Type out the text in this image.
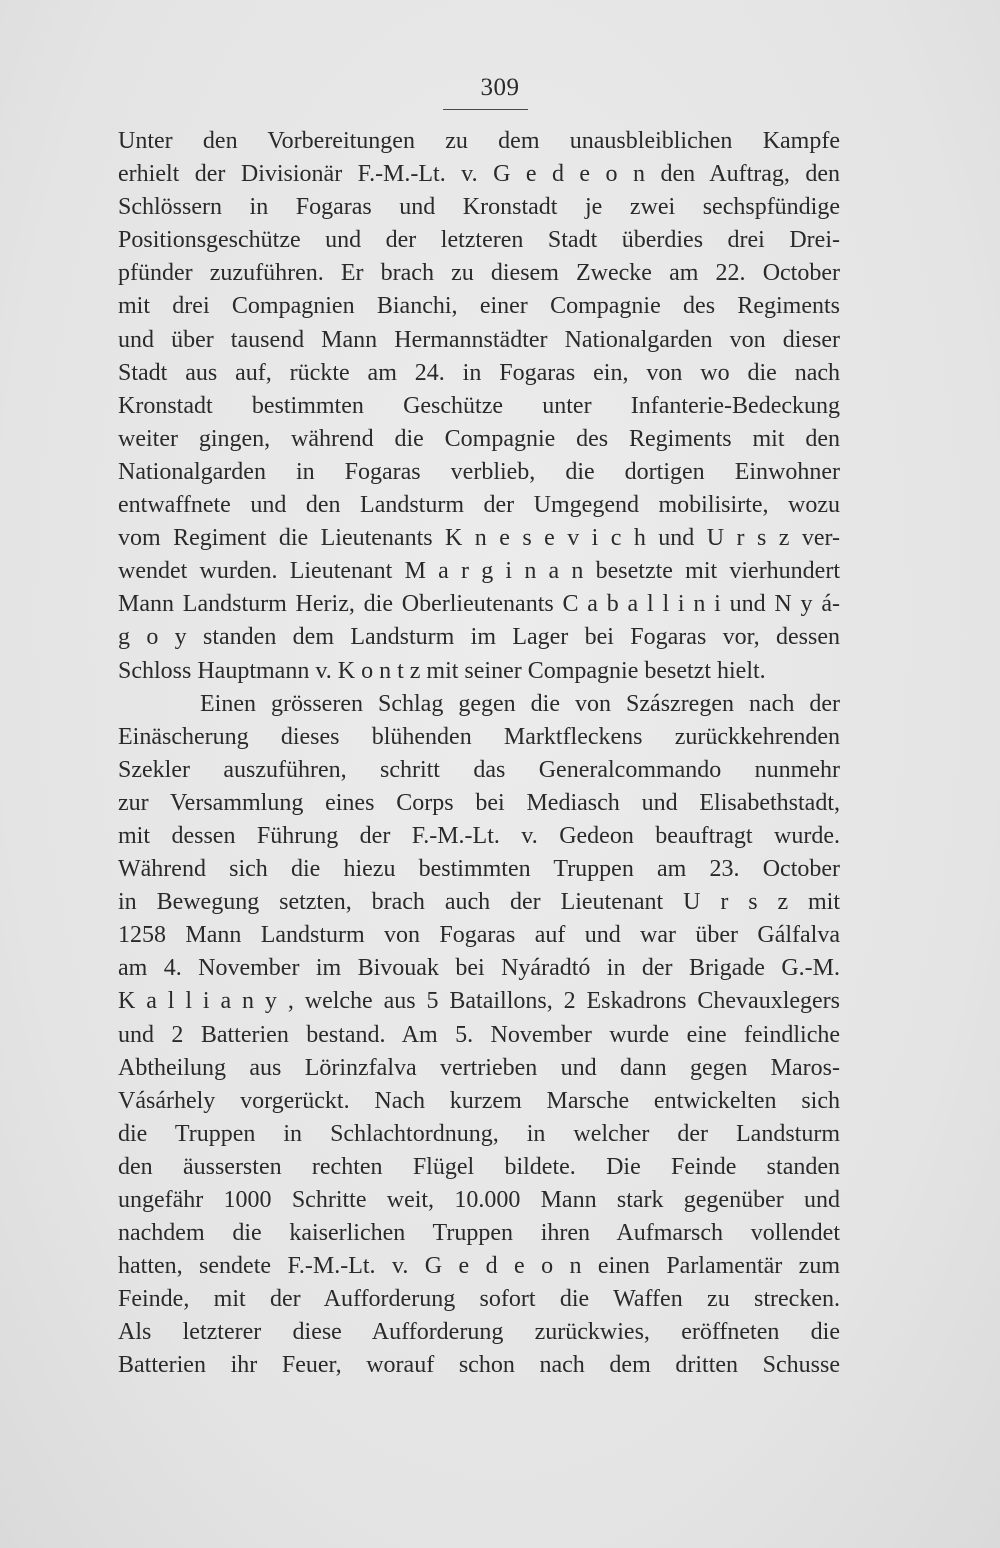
309
Unter den Vorbereitungen zu dem unausbleiblichen Kampfe
erhielt der Divisionär F.-M.-Lt. v. G e d e o n den Auftrag, den
Schlössern in Fogaras und Kronstadt je zwei sechspfündige
Positionsgeschütze und der letzteren Stadt überdies drei Drei-
pfünder zuzuführen. Er brach zu diesem Zwecke am 22. October
mit drei Compagnien Bianchi, einer Compagnie des Regiments
und über tausend Mann Hermannstädter Nationalgarden von dieser
Stadt aus auf, rückte am 24. in Fogaras ein, von wo die nach
Kronstadt bestimmten Geschütze unter Infanterie-Bedeckung
weiter gingen, während die Compagnie des Regiments mit den
Nationalgarden in Fogaras verblieb, die dortigen Einwohner
entwaffnete und den Landsturm der Umgegend mobilisirte, wozu
vom Regiment die Lieutenants K n e s e v i c h und U r s z ver-
wendet wurden. Lieutenant M a r g i n a n besetzte mit vierhundert
Mann Landsturm Heriz, die Oberlieutenants C a b a l l i n i und N y á-
g o y standen dem Landsturm im Lager bei Fogaras vor, dessen
Schloss Hauptmann v. K o n t z mit seiner Compagnie besetzt hielt.
Einen grösseren Schlag gegen die von Szászregen nach der
Einäscherung dieses blühenden Marktfleckens zurückkehrenden
Szekler auszuführen, schritt das Generalcommando nunmehr
zur Versammlung eines Corps bei Mediasch und Elisabethstadt,
mit dessen Führung der F.-M.-Lt. v. Gedeon beauftragt wurde.
Während sich die hiezu bestimmten Truppen am 23. October
in Bewegung setzten, brach auch der Lieutenant U r s z mit
1258 Mann Landsturm von Fogaras auf und war über Gálfalva
am 4. November im Bivouak bei Nyáradtó in der Brigade G.-M.
K a l l i a n y , welche aus 5 Bataillons, 2 Eskadrons Chevauxlegers
und 2 Batterien bestand. Am 5. November wurde eine feindliche
Abtheilung aus Lörinzfalva vertrieben und dann gegen Maros-
Vásárhely vorgerückt. Nach kurzem Marsche entwickelten sich
die Truppen in Schlachtordnung, in welcher der Landsturm
den äussersten rechten Flügel bildete. Die Feinde standen
ungefähr 1000 Schritte weit, 10.000 Mann stark gegenüber und
nachdem die kaiserlichen Truppen ihren Aufmarsch vollendet
hatten, sendete F.-M.-Lt. v. G e d e o n einen Parlamentär zum
Feinde, mit der Aufforderung sofort die Waffen zu strecken.
Als letzterer diese Aufforderung zurückwies, eröffneten die
Batterien ihr Feuer, worauf schon nach dem dritten Schusse
